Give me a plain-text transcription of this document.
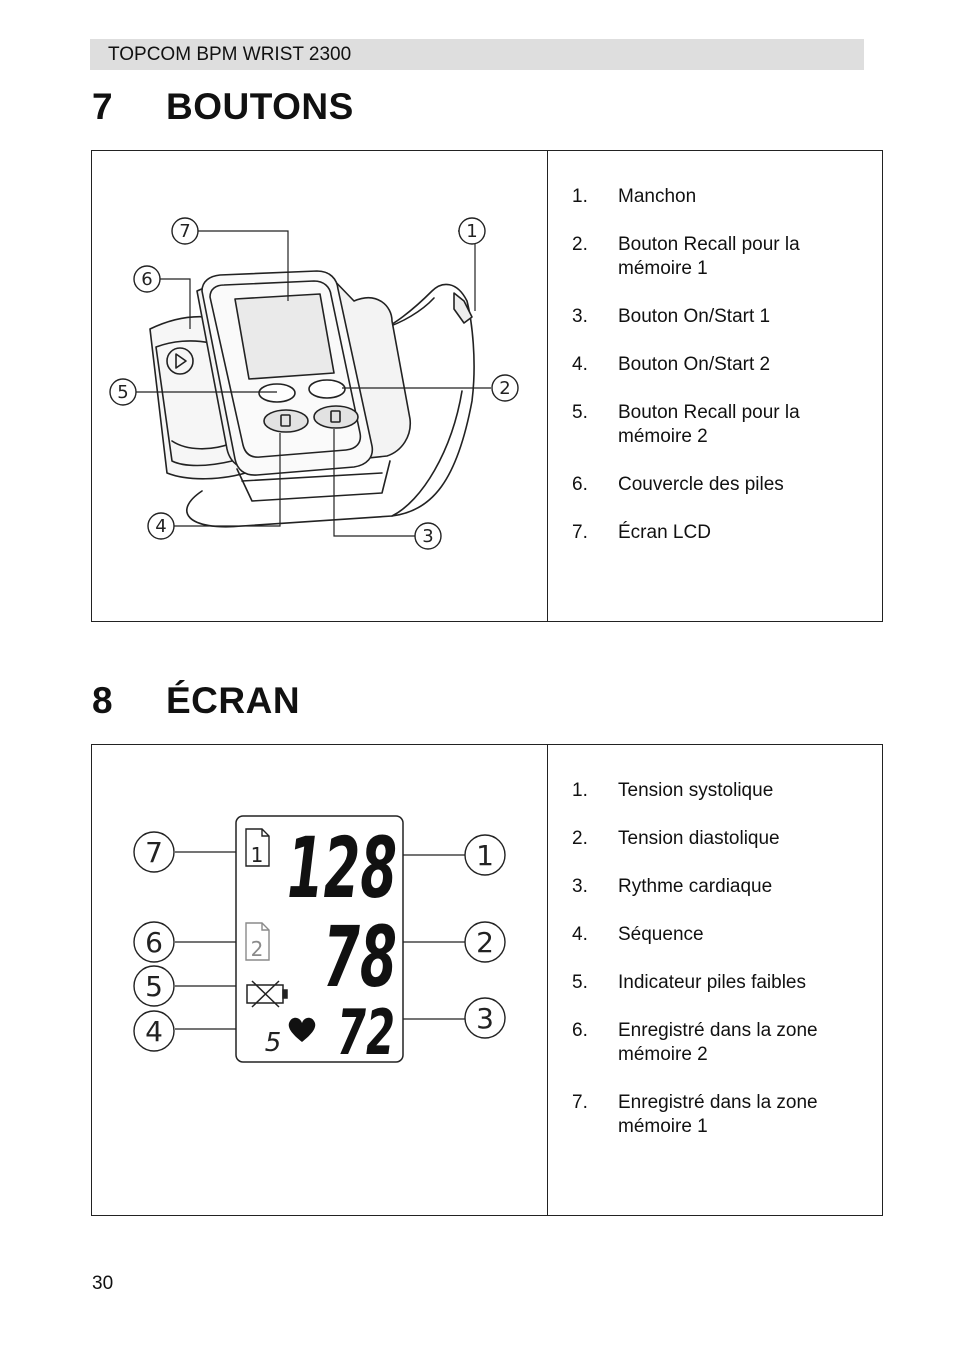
TOPCOM BPM WRIST 2300
7 BOUTONS
7	1
6
5	2
4	3
1. Manchon
2. Bouton Recall pour la mémoire 1
3. Bouton On/Start 1
4. Bouton On/Start 2
5. Bouton Recall pour la mémoire 2
6. Couvercle des piles
7. Écran LCD
8 ÉCRAN
1
2
5
128
78
72
7
6
5
4
1
2
3
1. Tension systolique
2. Tension diastolique
3. Rythme cardiaque
4. Séquence
5. Indicateur piles faibles
6. Enregistré dans la zone mémoire 2
7. Enregistré dans la zone mémoire 1
30
